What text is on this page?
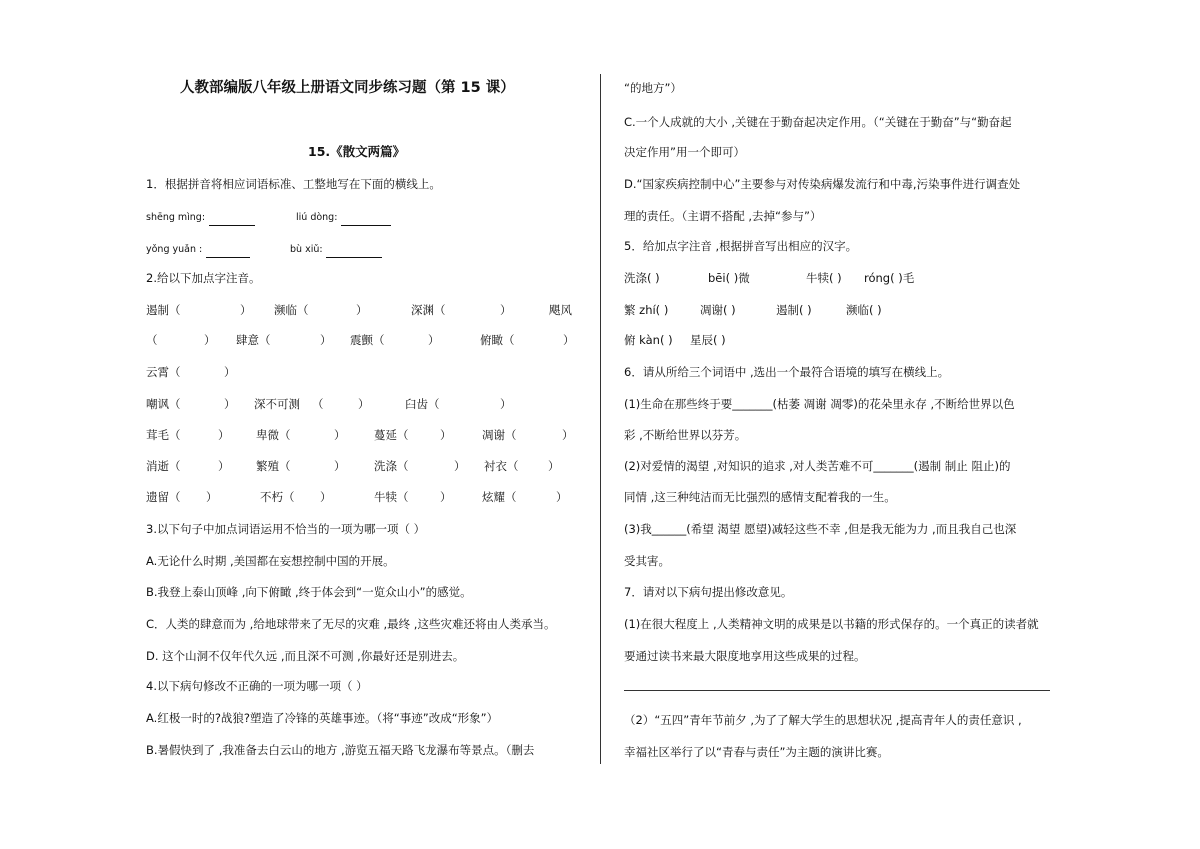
人教部编版八年级上册语文同步练习题（第 15 课）
15.《散文两篇》
1．根据拼音将相应词语标准、工整地写在下面的横线上。
shēng mìng:	liú dòng:
yǒng yuǎn :	bù xiǔ:
2.给以下加点字注音。
遏制（	） 濒临（	）	深渊（	）	飓风
（	） 肆意（	） 震颤（	）	俯瞰（	）
云霄（	）
嘲讽（	） 深不可测 （	）	臼齿（	）
茸毛（	） 卑微（	） 蔓延（	）	凋谢（	）
消逝（	） 繁殖（	） 洗涤（	） 衬衣（	）
遗留（ ）	不朽（ ）	牛犊（	）	炫耀（	）
3.以下句子中加点词语运用不恰当的一项为哪一项（ ）
A.无论什么时期 ,美国都在妄想控制中国的开展。
B.我登上泰山顶峰 ,向下俯瞰 ,终于体会到“一览众山小”的感觉。
C．人类的肆意而为 ,给地球带来了无尽的灾难 ,最终 ,这些灾难还将由人类承当。
D. 这个山洞不仅年代久远 ,而且深不可测 ,你最好还是别进去。
4.以下病句修改不正确的一项为哪一项（ ）
A.红极一时的?战狼?塑造了冷锋的英雄事迹。（将“事迹”改成“形象”）
B.暑假快到了 ,我准备去白云山的地方 ,游览五福天路飞龙瀑布等景点。（删去
“的地方”）
C.一个人成就的大小 ,关键在于勤奋起决定作用。（“关键在于勤奋”与“勤奋起
决定作用”用一个即可）
D.“国家疾病控制中心”主要参与对传染病爆发流行和中毒,污染事件进行调查处
理的责任。（主谓不搭配 ,去掉“参与”）
5．给加点字注音 ,根据拼音写出相应的汉字。
洗涤( )	bēi( )微	牛犊( ) róng( )毛
繁 zhí( )	凋谢( )	遏制( )	濒临( )
俯 kàn( ) 星辰( )
6．请从所给三个词语中 ,选出一个最符合语境的填写在横线上。
(1)生命在那些终于要_______(枯萎 凋谢 凋零)的花朵里永存 ,不断给世界以色
彩 ,不断给世界以芬芳。
(2)对爱情的渴望 ,对知识的追求 ,对人类苦难不可_______(遏制 制止 阻止)的
同情 ,这三种纯洁而无比强烈的感情支配着我的一生。
(3)我______(希望 渴望 愿望)减轻这些不幸 ,但是我无能为力 ,而且我自己也深
受其害。
7．请对以下病句提出修改意见。
(1)在很大程度上 ,人类精神文明的成果是以书籍的形式保存的。一个真正的读者就
要通过读书来最大限度地享用这些成果的过程。
（2）“五四”青年节前夕 ,为了了解大学生的思想状况 ,提高青年人的责任意识 ,
幸福社区举行了以“青春与责任”为主题的演讲比赛。
